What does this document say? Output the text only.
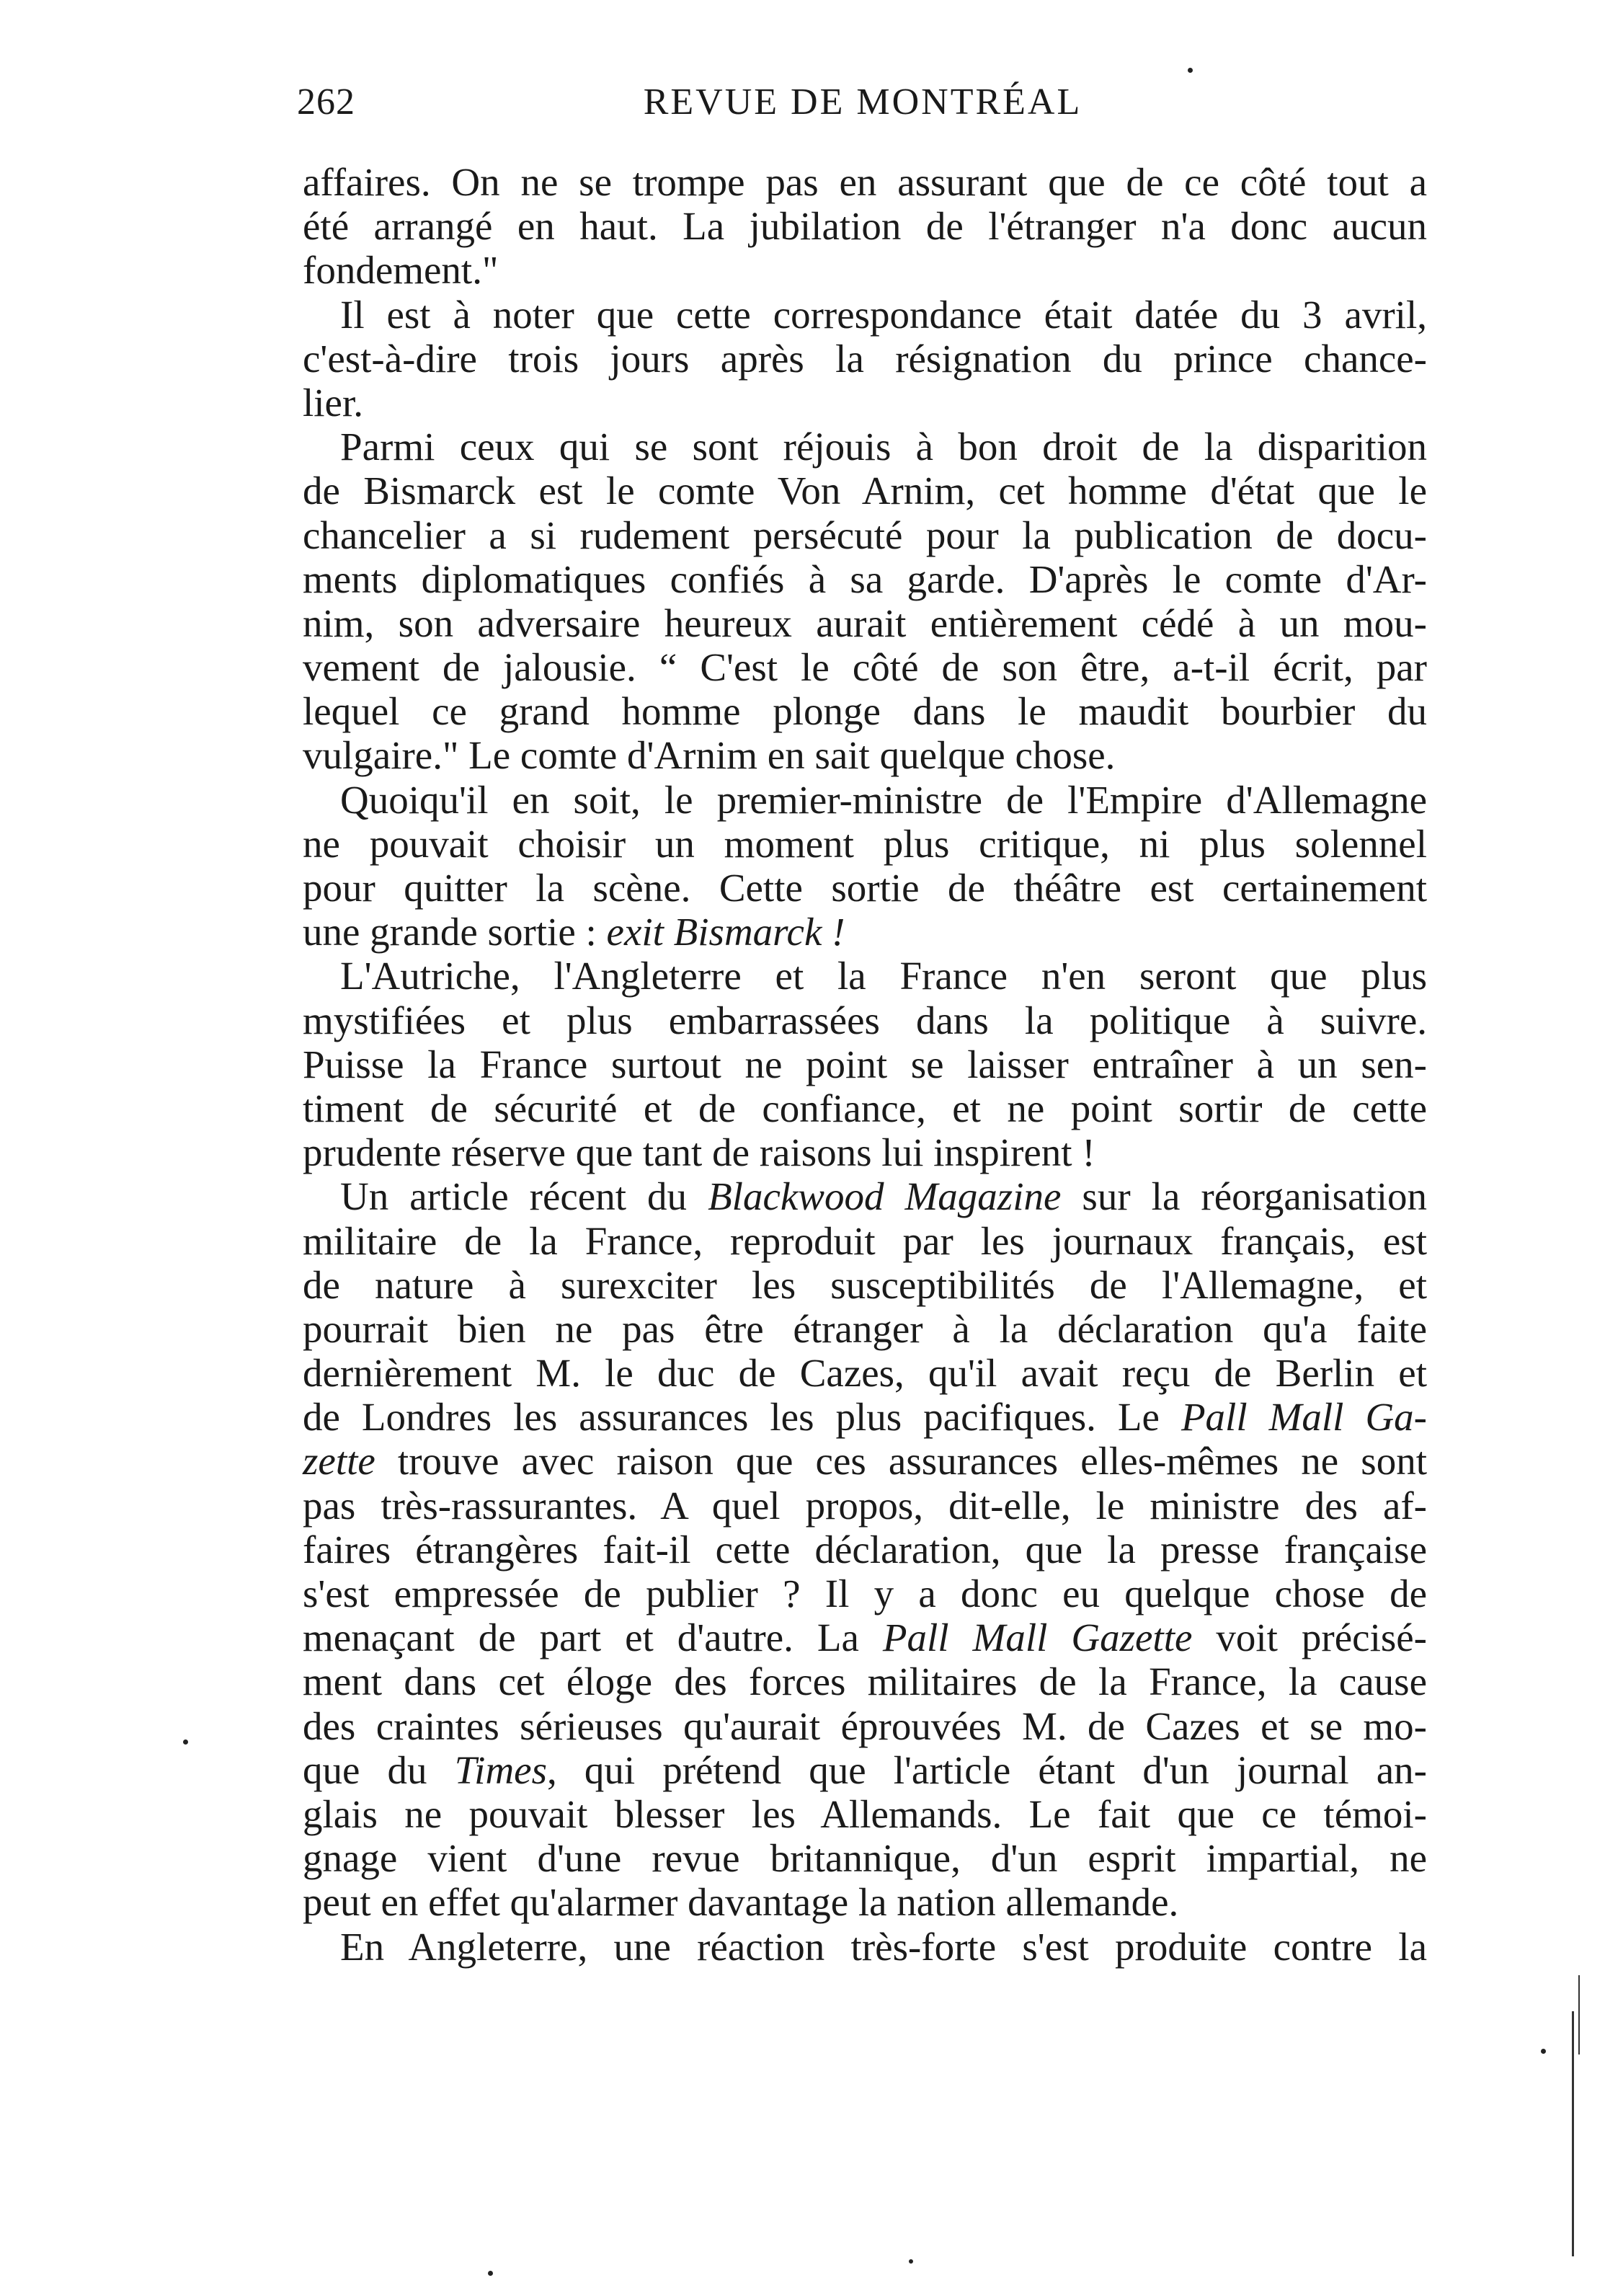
262	REVUE DE MONTRÉAL
affaires. On ne se trompe pas en assurant que de ce côté tout a
été arrangé en haut. La jubilation de l'étranger n'a donc aucun
fondement."
Il est à noter que cette correspondance était datée du 3 avril,
c'est-à-dire trois jours après la résignation du prince chance-
lier.
Parmi ceux qui se sont réjouis à bon droit de la disparition
de Bismarck est le comte Von Arnim, cet homme d'état que le
chancelier a si rudement persécuté pour la publication de docu-
ments diplomatiques confiés à sa garde. D'après le comte d'Ar-
nim, son adversaire heureux aurait entièrement cédé à un mou-
vement de jalousie. “ C'est le côté de son être, a-t-il écrit, par
lequel ce grand homme plonge dans le maudit bourbier du
vulgaire." Le comte d'Arnim en sait quelque chose.
Quoiqu'il en soit, le premier-ministre de l'Empire d'Allemagne
ne pouvait choisir un moment plus critique, ni plus solennel
pour quitter la scène. Cette sortie de théâtre est certainement
une grande sortie : exit Bismarck !
L'Autriche, l'Angleterre et la France n'en seront que plus
mystifiées et plus embarrassées dans la politique à suivre.
Puisse la France surtout ne point se laisser entraîner à un sen-
timent de sécurité et de confiance, et ne point sortir de cette
prudente réserve que tant de raisons lui inspirent !
Un article récent du Blackwood Magazine sur la réorganisation
militaire de la France, reproduit par les journaux français, est
de nature à surexciter les susceptibilités de l'Allemagne, et
pourrait bien ne pas être étranger à la déclaration qu'a faite
dernièrement M. le duc de Cazes, qu'il avait reçu de Berlin et
de Londres les assurances les plus pacifiques. Le Pall Mall Ga-
zette trouve avec raison que ces assurances elles-mêmes ne sont
pas très-rassurantes. A quel propos, dit-elle, le ministre des af-
faires étrangères fait-il cette déclaration, que la presse française
s'est empressée de publier ? Il y a donc eu quelque chose de
menaçant de part et d'autre. La Pall Mall Gazette voit précisé-
ment dans cet éloge des forces militaires de la France, la cause
des craintes sérieuses qu'aurait éprouvées M. de Cazes et se mo-
que du Times, qui prétend que l'article étant d'un journal an-
glais ne pouvait blesser les Allemands. Le fait que ce témoi-
gnage vient d'une revue britannique, d'un esprit impartial, ne
peut en effet qu'alarmer davantage la nation allemande.
En Angleterre, une réaction très-forte s'est produite contre la
